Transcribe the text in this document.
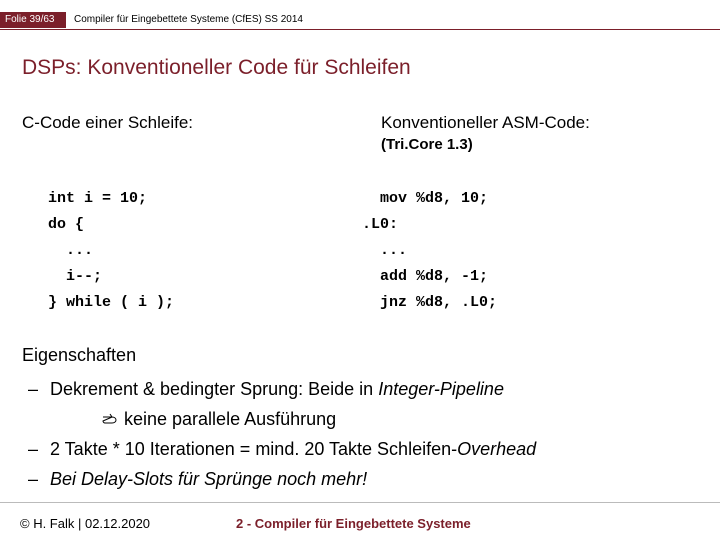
Folie 39/63	Compiler für Eingebettete Systeme (CfES) SS 2014
DSPs: Konventioneller Code für Schleifen
C-Code einer Schleife:
int i = 10;
do {
...
i--;
} while ( i );
Konventioneller ASM-Code:
(Tri.Core 1.3)
mov %d8, 10;
.L0:
...
add %d8, -1;
jnz %d8, .L0;
Eigenschaften
– Dekrement & bedingter Sprung: Beide in Integer-Pipeline
keine parallele Ausführung
– 2 Takte * 10 Iterationen = mind. 20 Takte Schleifen-Overhead
– Bei Delay-Slots für Sprünge noch mehr!
© H. Falk | 02.12.2020	2 - Compiler für Eingebettete Systeme
